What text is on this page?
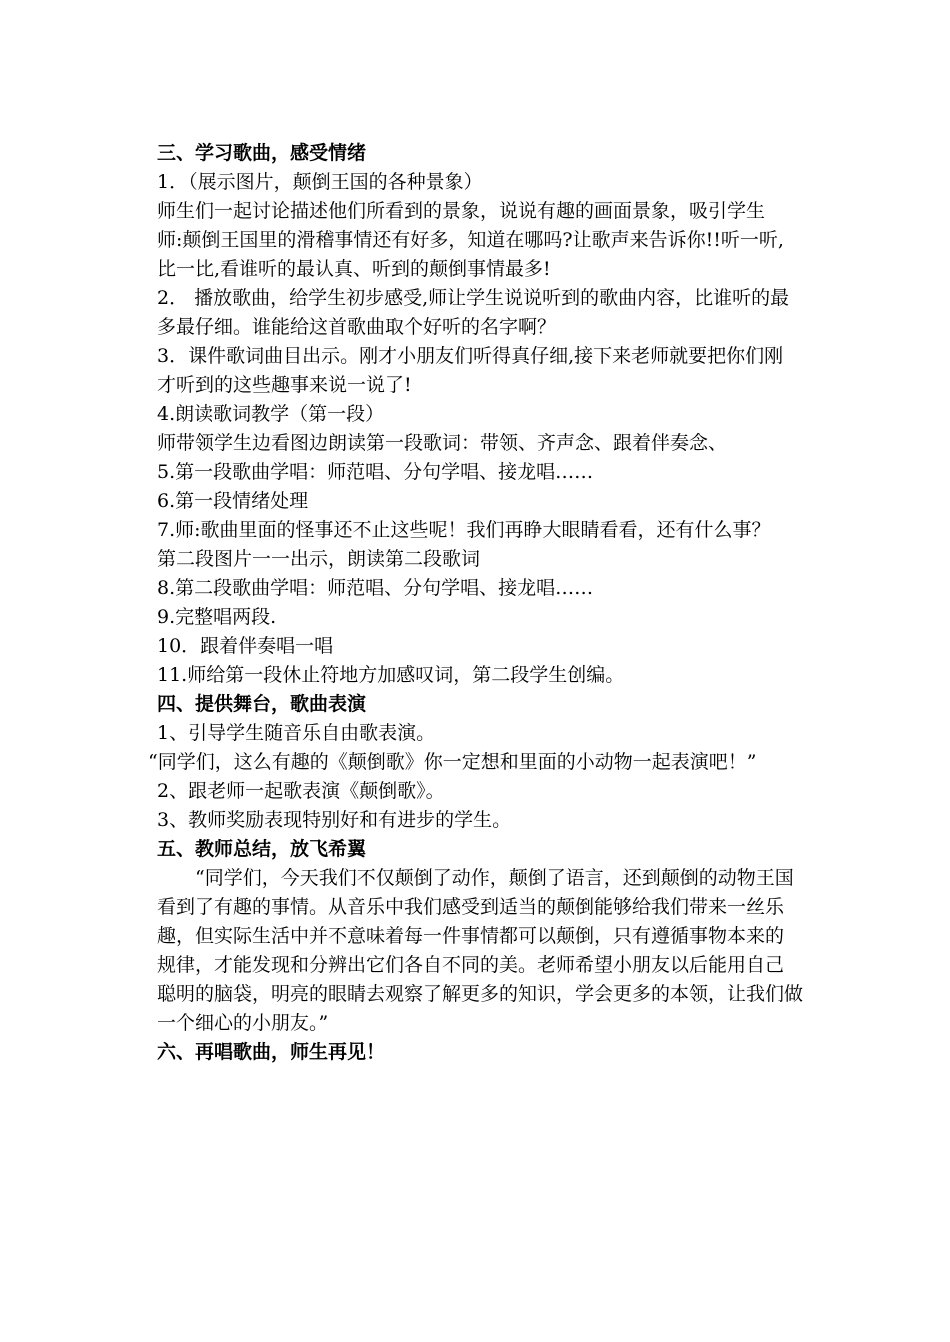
三、学习歌曲，感受情绪
1．（展示图片，颠倒王国的各种景象）
师生们一起讨论描述他们所看到的景象，说说有趣的画面景象，吸引学生
师:颠倒王国里的滑稽事情还有好多，知道在哪吗?让歌声来告诉你!!听一听,
比一比,看谁听的最认真、听到的颠倒事情最多!
2． 播放歌曲，给学生初步感受,师让学生说说听到的歌曲内容，比谁听的最
多最仔细。谁能给这首歌曲取个好听的名字啊？
3．课件歌词曲目出示。刚才小朋友们听得真仔细,接下来老师就要把你们刚
才听到的这些趣事来说一说了!
4.朗读歌词教学（第一段）
师带领学生边看图边朗读第一段歌词：带领、齐声念、跟着伴奏念、
5.第一段歌曲学唱：师范唱、分句学唱、接龙唱……
6.第一段情绪处理
7.师:歌曲里面的怪事还不止这些呢！我们再睁大眼睛看看，还有什么事？
第二段图片一一出示，朗读第二段歌词
8.第二段歌曲学唱：师范唱、分句学唱、接龙唱……
9.完整唱两段.
10．跟着伴奏唱一唱
11.师给第一段休止符地方加感叹词，第二段学生创编。
四、提供舞台，歌曲表演
1、引导学生随音乐自由歌表演。
“同学们，这么有趣的《颠倒歌》你一定想和里面的小动物一起表演吧！”
2、跟老师一起歌表演《颠倒歌》。
3、教师奖励表现特别好和有进步的学生。
五、教师总结，放飞希翼
“同学们，今天我们不仅颠倒了动作，颠倒了语言，还到颠倒的动物王国
看到了有趣的事情。从音乐中我们感受到适当的颠倒能够给我们带来一丝乐
趣，但实际生活中并不意味着每一件事情都可以颠倒，只有遵循事物本来的
规律，才能发现和分辨出它们各自不同的美。老师希望小朋友以后能用自己
聪明的脑袋，明亮的眼睛去观察了解更多的知识，学会更多的本领，让我们做
一个细心的小朋友。”
六、再唱歌曲，师生再见！
